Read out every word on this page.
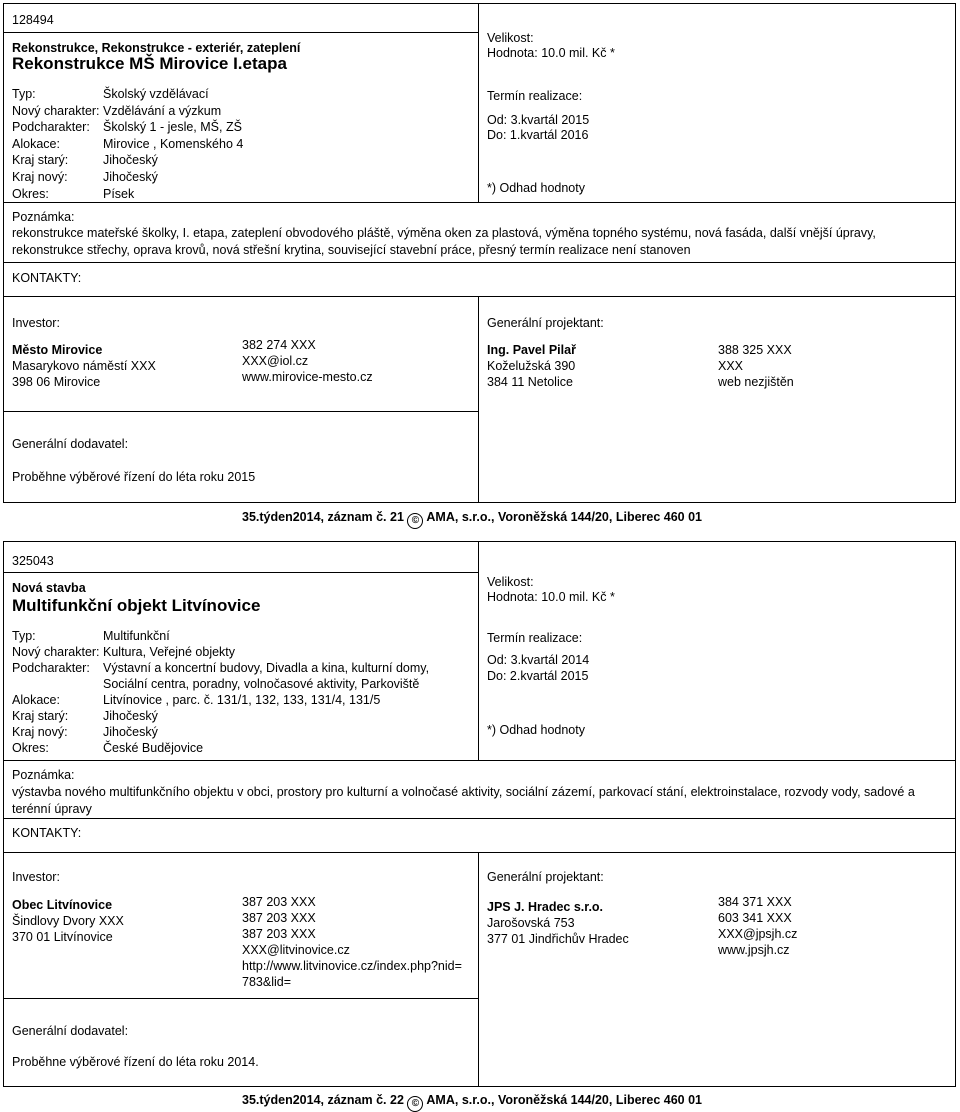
128494
Rekonstrukce, Rekonstrukce - exteriér, zateplení
Rekonstrukce MŠ Mirovice I.etapa
Typ:	Školský vzdělávací
Nový charakter: Vzdělávání a výzkum
Podcharakter: Školský 1 - jesle, MŠ, ZŠ
Alokace:	Mirovice , Komenského 4
Kraj starý:	Jihočeský
Kraj nový:	Jihočeský
Okres:	Písek
Velikost:
Hodnota: 10.0 mil. Kč *
Termín realizace:
Od: 3.kvartál 2015
Do: 1.kvartál 2016
*) Odhad hodnoty
Poznámka:
rekonstrukce mateřské školky, I. etapa, zateplení obvodového pláště, výměna oken za plastová, výměna topného systému, nová fasáda, další vnější úpravy, rekonstrukce střechy, oprava krovů, nová střešní krytina, související stavební práce, přesný termín realizace není stanoven
KONTAKTY:
Investor:
Město Mirovice
Masarykovo náměstí XXX
398 06 Mirovice
382 274 XXX
XXX@iol.cz
www.mirovice-mesto.cz
Generální projektant:
Ing. Pavel Pilař
Koželužská 390
384 11 Netolice
388 325 XXX
XXX
web nezjištěn
Generální dodavatel:
Proběhne výběrové řízení do léta roku 2015
35.týden2014, záznam č. 21 © AMA, s.r.o., Voroněžská 144/20, Liberec 460 01
325043
Nová stavba
Multifunkční objekt Litvínovice
Typ:	Multifunkční
Nový charakter: Kultura, Veřejné objekty
Podcharakter: Výstavní a koncertní budovy, Divadla a kina, kulturní domy, Sociální centra, poradny, volnočasové aktivity, Parkoviště
Alokace:	Litvínovice , parc. č. 131/1, 132, 133, 131/4, 131/5
Kraj starý:	Jihočeský
Kraj nový:	Jihočeský
Okres:	České Budějovice
Velikost:
Hodnota: 10.0 mil. Kč *
Termín realizace:
Od: 3.kvartál 2014
Do: 2.kvartál 2015
*) Odhad hodnoty
Poznámka:
výstavba nového multifunkčního objektu v obci, prostory pro kulturní a volnočasé aktivity, sociální zázemí, parkovací stání, elektroinstalace, rozvody vody, sadové a terénní úpravy
KONTAKTY:
Investor:
Obec Litvínovice
Šindlovy Dvory XXX
370 01 Litvínovice
387 203 XXX
387 203 XXX
387 203 XXX
XXX@litvinovice.cz
http://www.litvinovice.cz/index.php?nid=
783&lid=
Generální projektant:
JPS J. Hradec s.r.o.
Jarošovská 753
377 01 Jindřichův Hradec
384 371 XXX
603 341 XXX
XXX@jpsjh.cz
www.jpsjh.cz
Generální dodavatel:
Proběhne výběrové řízení do léta roku 2014.
35.týden2014, záznam č. 22 © AMA, s.r.o., Voroněžská 144/20, Liberec 460 01
